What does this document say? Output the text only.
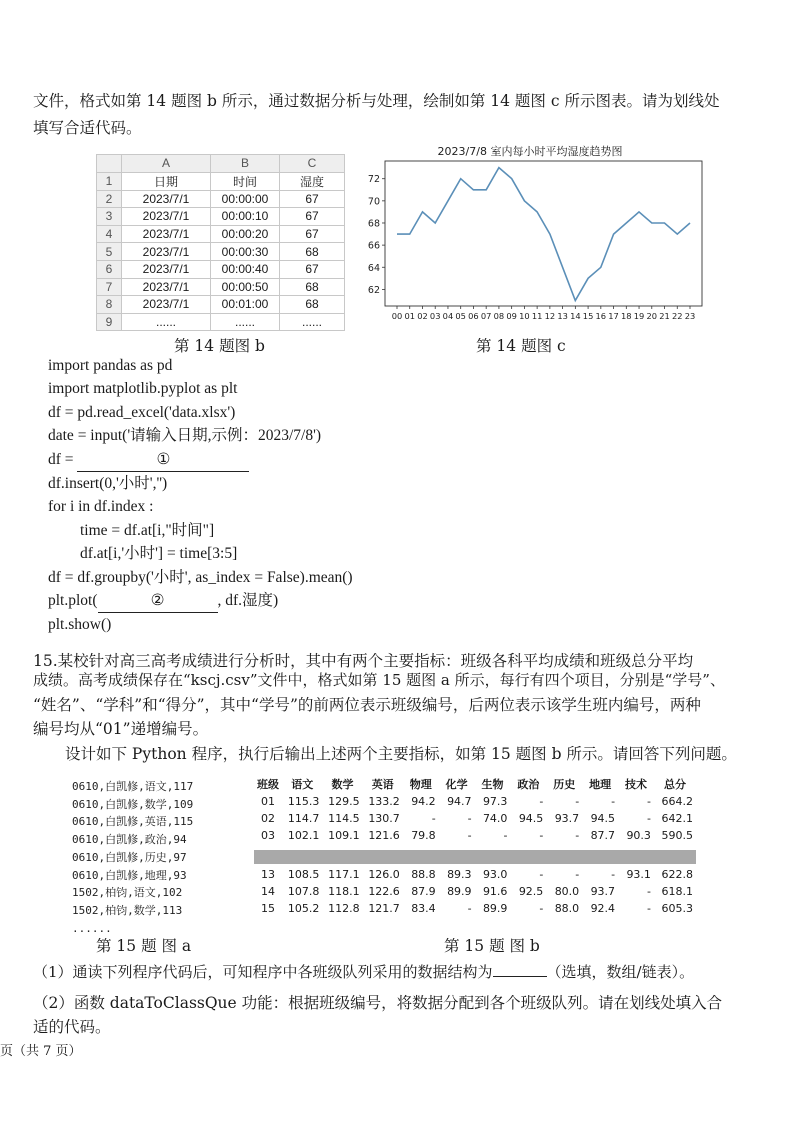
文件，格式如第 14 题图 b 所示，通过数据分析与处理，绘制如第 14 题图 c 所示图表。请为划线处
填写合适代码。
	A	B	C
1	日期	时间	湿度
2	2023/7/1	00:00:00	67
3	2023/7/1	00:00:10	67
4	2023/7/1	00:00:20	67
5	2023/7/1	00:00:30	68
6	2023/7/1	00:00:40	67
7	2023/7/1	00:00:50	68
8	2023/7/1	00:01:00	68
9	......	......	......
第 14 题图 b
2023/7/8 室内每小时平均湿度趋势图
62
64
66
68
70
72
00 01 02 03 04 05 06 07 08 09 10 11 12 13 14 15 16 17 18 19 20 21 22 23
第 14 题图 c
import pandas as pd
import matplotlib.pyplot as plt
df = pd.read_excel('data.xlsx')
date = input('请输入日期,示例：2023/7/8')
df =	①
df.insert(0,'小时','')
for i in df.index :
time = df.at[i,"时间"]
df.at[i,'小时'] = time[3:5]
df = df.groupby('小时', as_index = False).mean()
plt.plot(	②	, df.湿度)
plt.show()
15.某校针对高三高考成绩进行分析时，其中有两个主要指标：班级各科平均成绩和班级总分平均
成绩。高考成绩保存在“kscj.csv”文件中，格式如第 15 题图 a 所示，每行有四个项目，分别是“学号”、
“姓名”、“学科”和“得分”，其中“学号”的前两位表示班级编号，后两位表示该学生班内编号，两种
编号均从“01”递增编号。
设计如下 Python 程序，执行后输出上述两个主要指标，如第 15 题图 b 所示。请回答下列问题。
0610,白凯修,语文,117
0610,白凯修,数学,109
0610,白凯修,英语,115
0610,白凯修,政治,94
0610,白凯修,历史,97
0610,白凯修,地理,93
1502,柏钧,语文,102
1502,柏钧,数学,113
......
第 15 题 图 a
班级	语文	数学	英语	物理	化学	生物	政治	历史	地理	技术	总分
01	115.3	129.5	133.2	94.2	94.7	97.3	-	-	-	-	664.2
02	114.7	114.5	130.7	-	-	74.0	94.5	93.7	94.5	-	642.1
03	102.1	109.1	121.6	79.8	-	-	-	-	87.7	90.3	590.5
13	108.5	117.1	126.0	88.8	89.3	93.0	-	-	-	93.1	622.8
14	107.8	118.1	122.6	87.9	89.9	91.6	92.5	80.0	93.7	-	618.1
15	105.2	112.8	121.7	83.4	-	89.9	-	88.0	92.4	-	605.3
第 15 题 图 b
（1）通读下列程序代码后，可知程序中各班级队列采用的数据结构为	（选填，数组/链表）。
（2）函数 dataToClassQue 功能：根据班级编号，将数据分配到各个班级队列。请在划线处填入合
适的代码。
页（共 7 页）
